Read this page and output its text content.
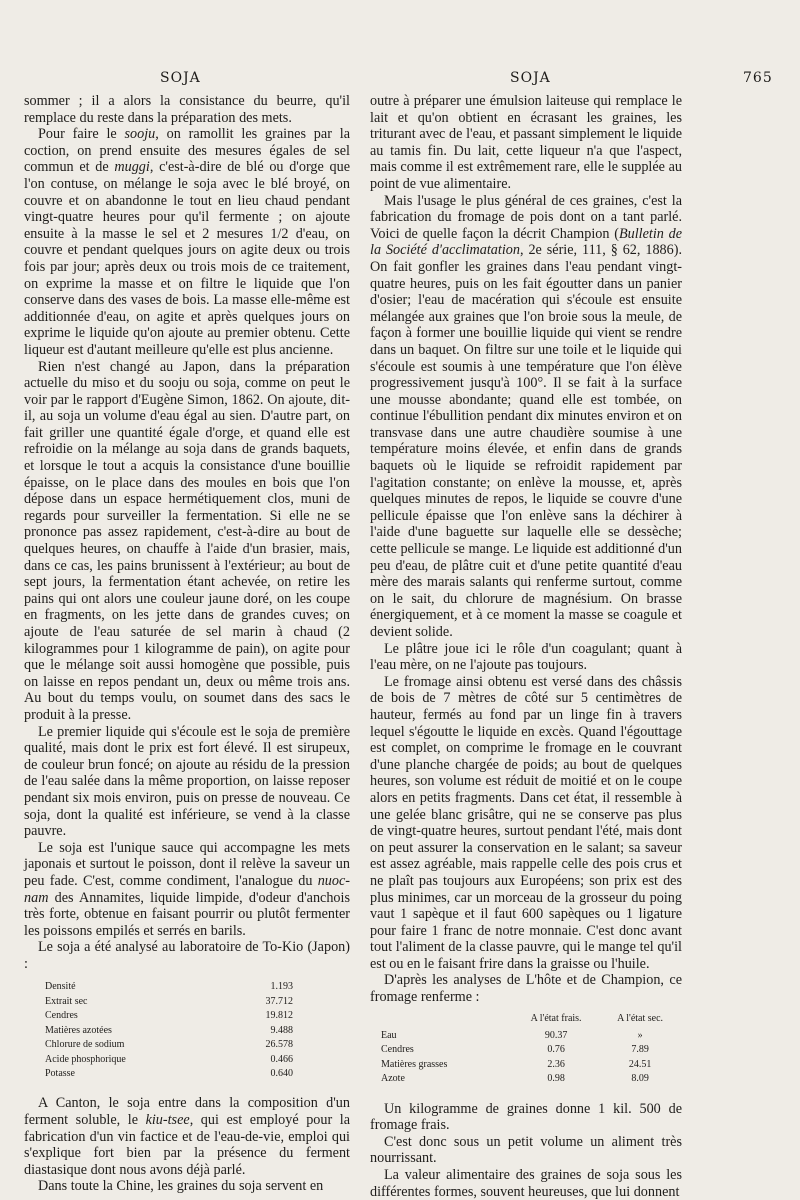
SOJA	SOJA	765

sommer ; il a alors la consistance du beurre, qu'il remplace du reste dans la préparation des mets.

Pour faire le sooju, on ramollit les graines par la coction, on prend ensuite des mesures égales de sel commun et de muggi, c'est-à-dire de blé ou d'orge que l'on contuse, on mélange le soja avec le blé broyé, on couvre et on abandonne le tout en lieu chaud pendant vingt-quatre heures pour qu'il fermente ; on ajoute ensuite à la masse le sel et 2 mesures 1/2 d'eau, on couvre et pendant quelques jours on agite deux ou trois fois par jour; après deux ou trois mois de ce traitement, on exprime la masse et on filtre le liquide que l'on conserve dans des vases de bois. La masse elle-même est additionnée d'eau, on agite et après quelques jours on exprime le liquide qu'on ajoute au premier obtenu. Cette liqueur est d'autant meilleure qu'elle est plus ancienne.

Rien n'est changé au Japon, dans la préparation actuelle du miso et du sooju ou soja, comme on peut le voir par le rapport d'Eugène Simon, 1862. On ajoute, dit-il, au soja un volume d'eau égal au sien. D'autre part, on fait griller une quantité égale d'orge, et quand elle est refroidie on la mélange au soja dans de grands baquets, et lorsque le tout a acquis la consistance d'une bouillie épaisse, on le place dans des moules en bois que l'on dépose dans un espace hermétiquement clos, muni de regards pour surveiller la fermentation. Si elle ne se prononce pas assez rapidement, c'est-à-dire au bout de quelques heures, on chauffe à l'aide d'un brasier, mais, dans ce cas, les pains brunissent à l'extérieur; au bout de sept jours, la fermentation étant achevée, on retire les pains qui ont alors une couleur jaune doré, on les coupe en fragments, on les jette dans de grandes cuves; on ajoute de l'eau saturée de sel marin à chaud (2 kilogrammes pour 1 kilogramme de pain), on agite pour que le mélange soit aussi homogène que possible, puis on laisse en repos pendant un, deux ou même trois ans. Au bout du temps voulu, on soumet dans des sacs le produit à la presse.

Le premier liquide qui s'écoule est le soja de première qualité, mais dont le prix est fort élevé. Il est sirupeux, de couleur brun foncé; on ajoute au résidu de la pression de l'eau salée dans la même proportion, on laisse reposer pendant six mois environ, puis on presse de nouveau. Ce soja, dont la qualité est inférieure, se vend à la classe pauvre.

Le soja est l'unique sauce qui accompagne les mets japonais et surtout le poisson, dont il relève la saveur un peu fade. C'est, comme condiment, l'analogue du nuoc-nam des Annamites, liquide limpide, d'odeur d'anchois très forte, obtenue en faisant pourrir ou plutôt fermenter les poissons empilés et serrés en barils.

Le soja a été analysé au laboratoire de To-Kio (Japon) :

Densité	1.193
Extrait sec	37.712
Cendres	19.812
Matières azotées	9.488
Chlorure de sodium	26.578
Acide phosphorique	0.466
Potasse	0.640

A Canton, le soja entre dans la composition d'un ferment soluble, le kiu-tsee, qui est employé pour la fabrication d'un vin factice et de l'eau-de-vie, emploi qui s'explique fort bien par la présence du ferment diastasique dont nous avons déjà parlé.

Dans toute la Chine, les graines du soja servent en

outre à préparer une émulsion laiteuse qui remplace le lait et qu'on obtient en écrasant les graines, les triturant avec de l'eau, et passant simplement le liquide au tamis fin. Du lait, cette liqueur n'a que l'aspect, mais comme il est extrêmement rare, elle le supplée au point de vue alimentaire.

Mais l'usage le plus général de ces graines, c'est la fabrication du fromage de pois dont on a tant parlé. Voici de quelle façon la décrit Champion (Bulletin de la Société d'acclimatation, 2e série, 111, § 62, 1886). On fait gonfler les graines dans l'eau pendant vingt-quatre heures, puis on les fait égoutter dans un panier d'osier; l'eau de macération qui s'écoule est ensuite mélangée aux graines que l'on broie sous la meule, de façon à former une bouillie liquide qui vient se rendre dans un baquet. On filtre sur une toile et le liquide qui s'écoule est soumis à une température que l'on élève progressivement jusqu'à 100°. Il se fait à la surface une mousse abondante; quand elle est tombée, on continue l'ébullition pendant dix minutes environ et on transvase dans une autre chaudière soumise à une température moins élevée, et enfin dans de grands baquets où le liquide se refroidit rapidement par l'agitation constante; on enlève la mousse, et, après quelques minutes de repos, le liquide se couvre d'une pellicule épaisse que l'on enlève sans la déchirer à l'aide d'une baguette sur laquelle elle se dessèche; cette pellicule se mange. Le liquide est additionné d'un peu d'eau, de plâtre cuit et d'une petite quantité d'eau mère des marais salants qui renferme surtout, comme on le sait, du chlorure de magnésium. On brasse énergiquement, et à ce moment la masse se coagule et devient solide.

Le plâtre joue ici le rôle d'un coagulant; quant à l'eau mère, on ne l'ajoute pas toujours.

Le fromage ainsi obtenu est versé dans des châssis de bois de 7 mètres de côté sur 5 centimètres de hauteur, fermés au fond par un linge fin à travers lequel s'égoutte le liquide en excès. Quand l'égouttage est complet, on comprime le fromage en le couvrant d'une planche chargée de poids; au bout de quelques heures, son volume est réduit de moitié et on le coupe alors en petits fragments. Dans cet état, il ressemble à une gelée blanc grisâtre, qui ne se conserve pas plus de vingt-quatre heures, surtout pendant l'été, mais dont on peut assurer la conservation en le salant; sa saveur est assez agréable, mais rappelle celle des pois crus et ne plaît pas toujours aux Européens; son prix est des plus minimes, car un morceau de la grosseur du poing vaut 1 sapèque et il faut 600 sapèques ou 1 ligature pour faire 1 franc de notre monnaie. C'est donc avant tout l'aliment de la classe pauvre, qui le mange tel qu'il est ou en le faisant frire dans la graisse ou l'huile.

D'après les analyses de L'hôte et de Champion, ce fromage renferme :

	A l'état frais.	A l'état sec.
Eau	90.37	»
Cendres	0.76	7.89
Matières grasses	2.36	24.51
Azote	0.98	8.09

Un kilogramme de graines donne 1 kil. 500 de fromage frais.

C'est donc sous un petit volume un aliment très nourrissant.

La valeur alimentaire des graines de soja sous les différentes formes, souvent heureuses, que lui donnent
